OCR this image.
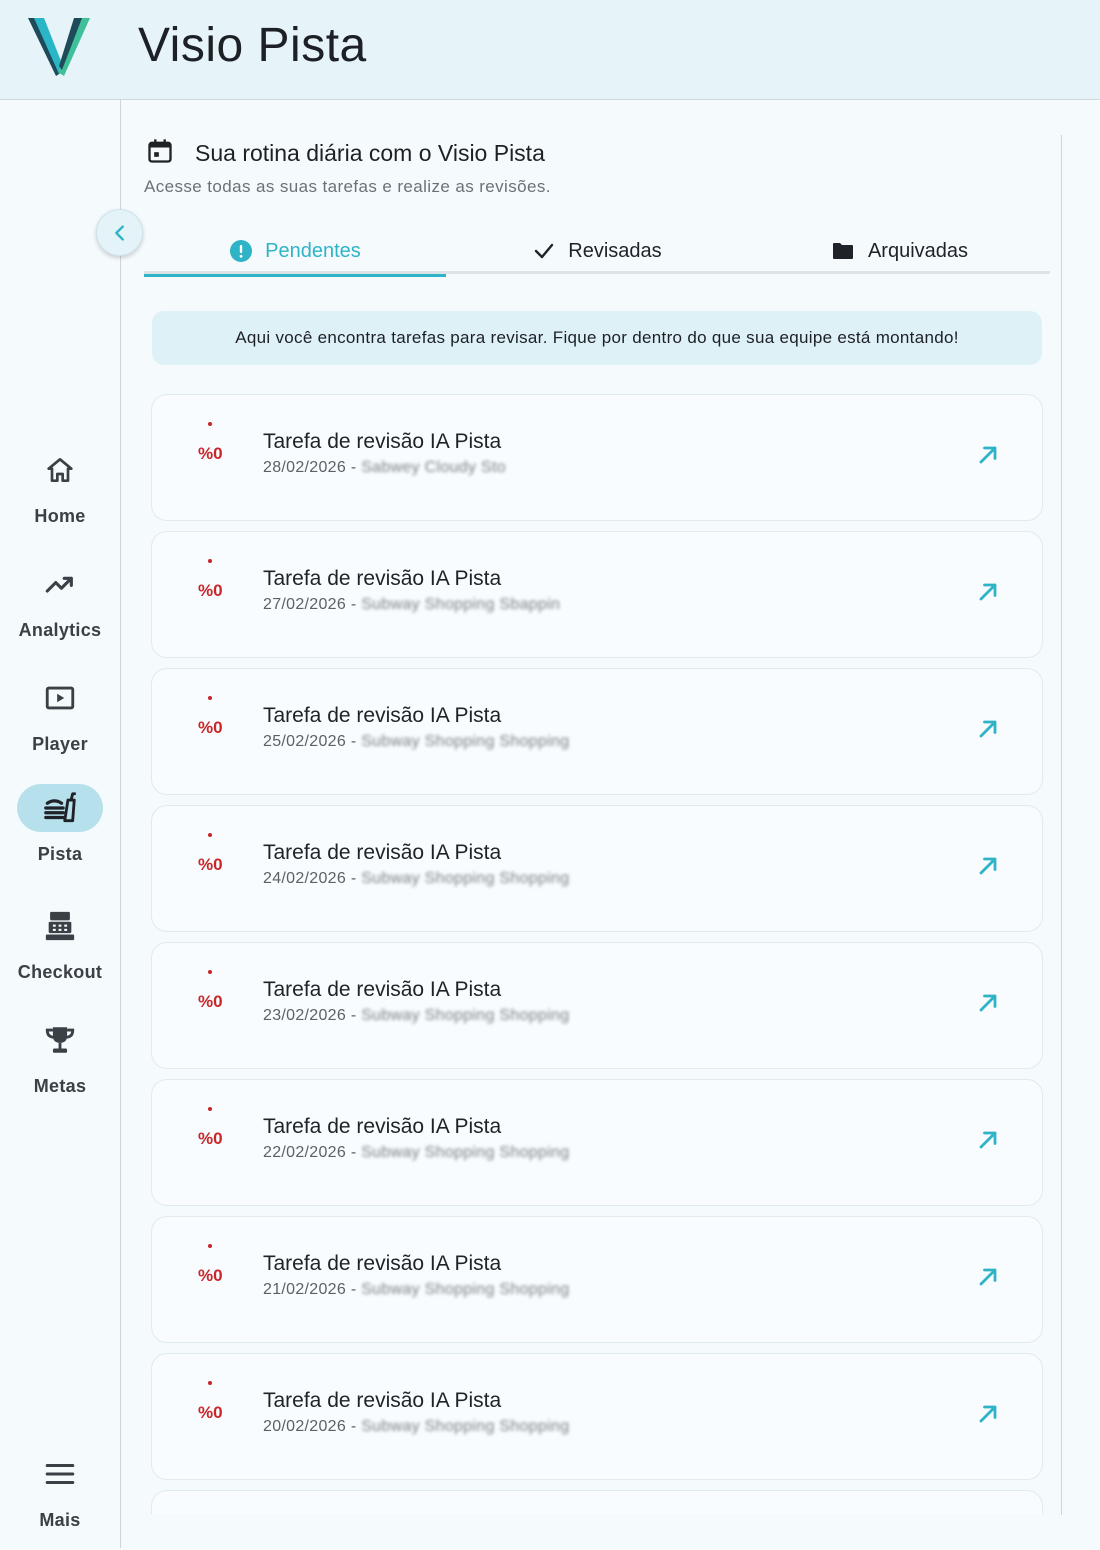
Visio Pista
Home
Analytics
Player
Pista
Checkout
Metas
Mais
Sua rotina diária com o Visio Pista
Acesse todas as suas tarefas e realize as revisões.
Pendentes	Revisadas	Arquivadas
Aqui você encontra tarefas para revisar. Fique por dentro do que sua equipe está montando!
%0
Tarefa de revisão IA Pista
28/02/2026 - Sabwey Cloudy Sto
%0
Tarefa de revisão IA Pista
27/02/2026 - Subway Shopping Sbappin
%0
Tarefa de revisão IA Pista
25/02/2026 - Subway Shopping Shopping
%0
Tarefa de revisão IA Pista
24/02/2026 - Subway Shopping Shopping
%0
Tarefa de revisão IA Pista
23/02/2026 - Subway Shopping Shopping
%0
Tarefa de revisão IA Pista
22/02/2026 - Subway Shopping Shopping
%0
Tarefa de revisão IA Pista
21/02/2026 - Subway Shopping Shopping
%0
Tarefa de revisão IA Pista
20/02/2026 - Subway Shopping Shopping
